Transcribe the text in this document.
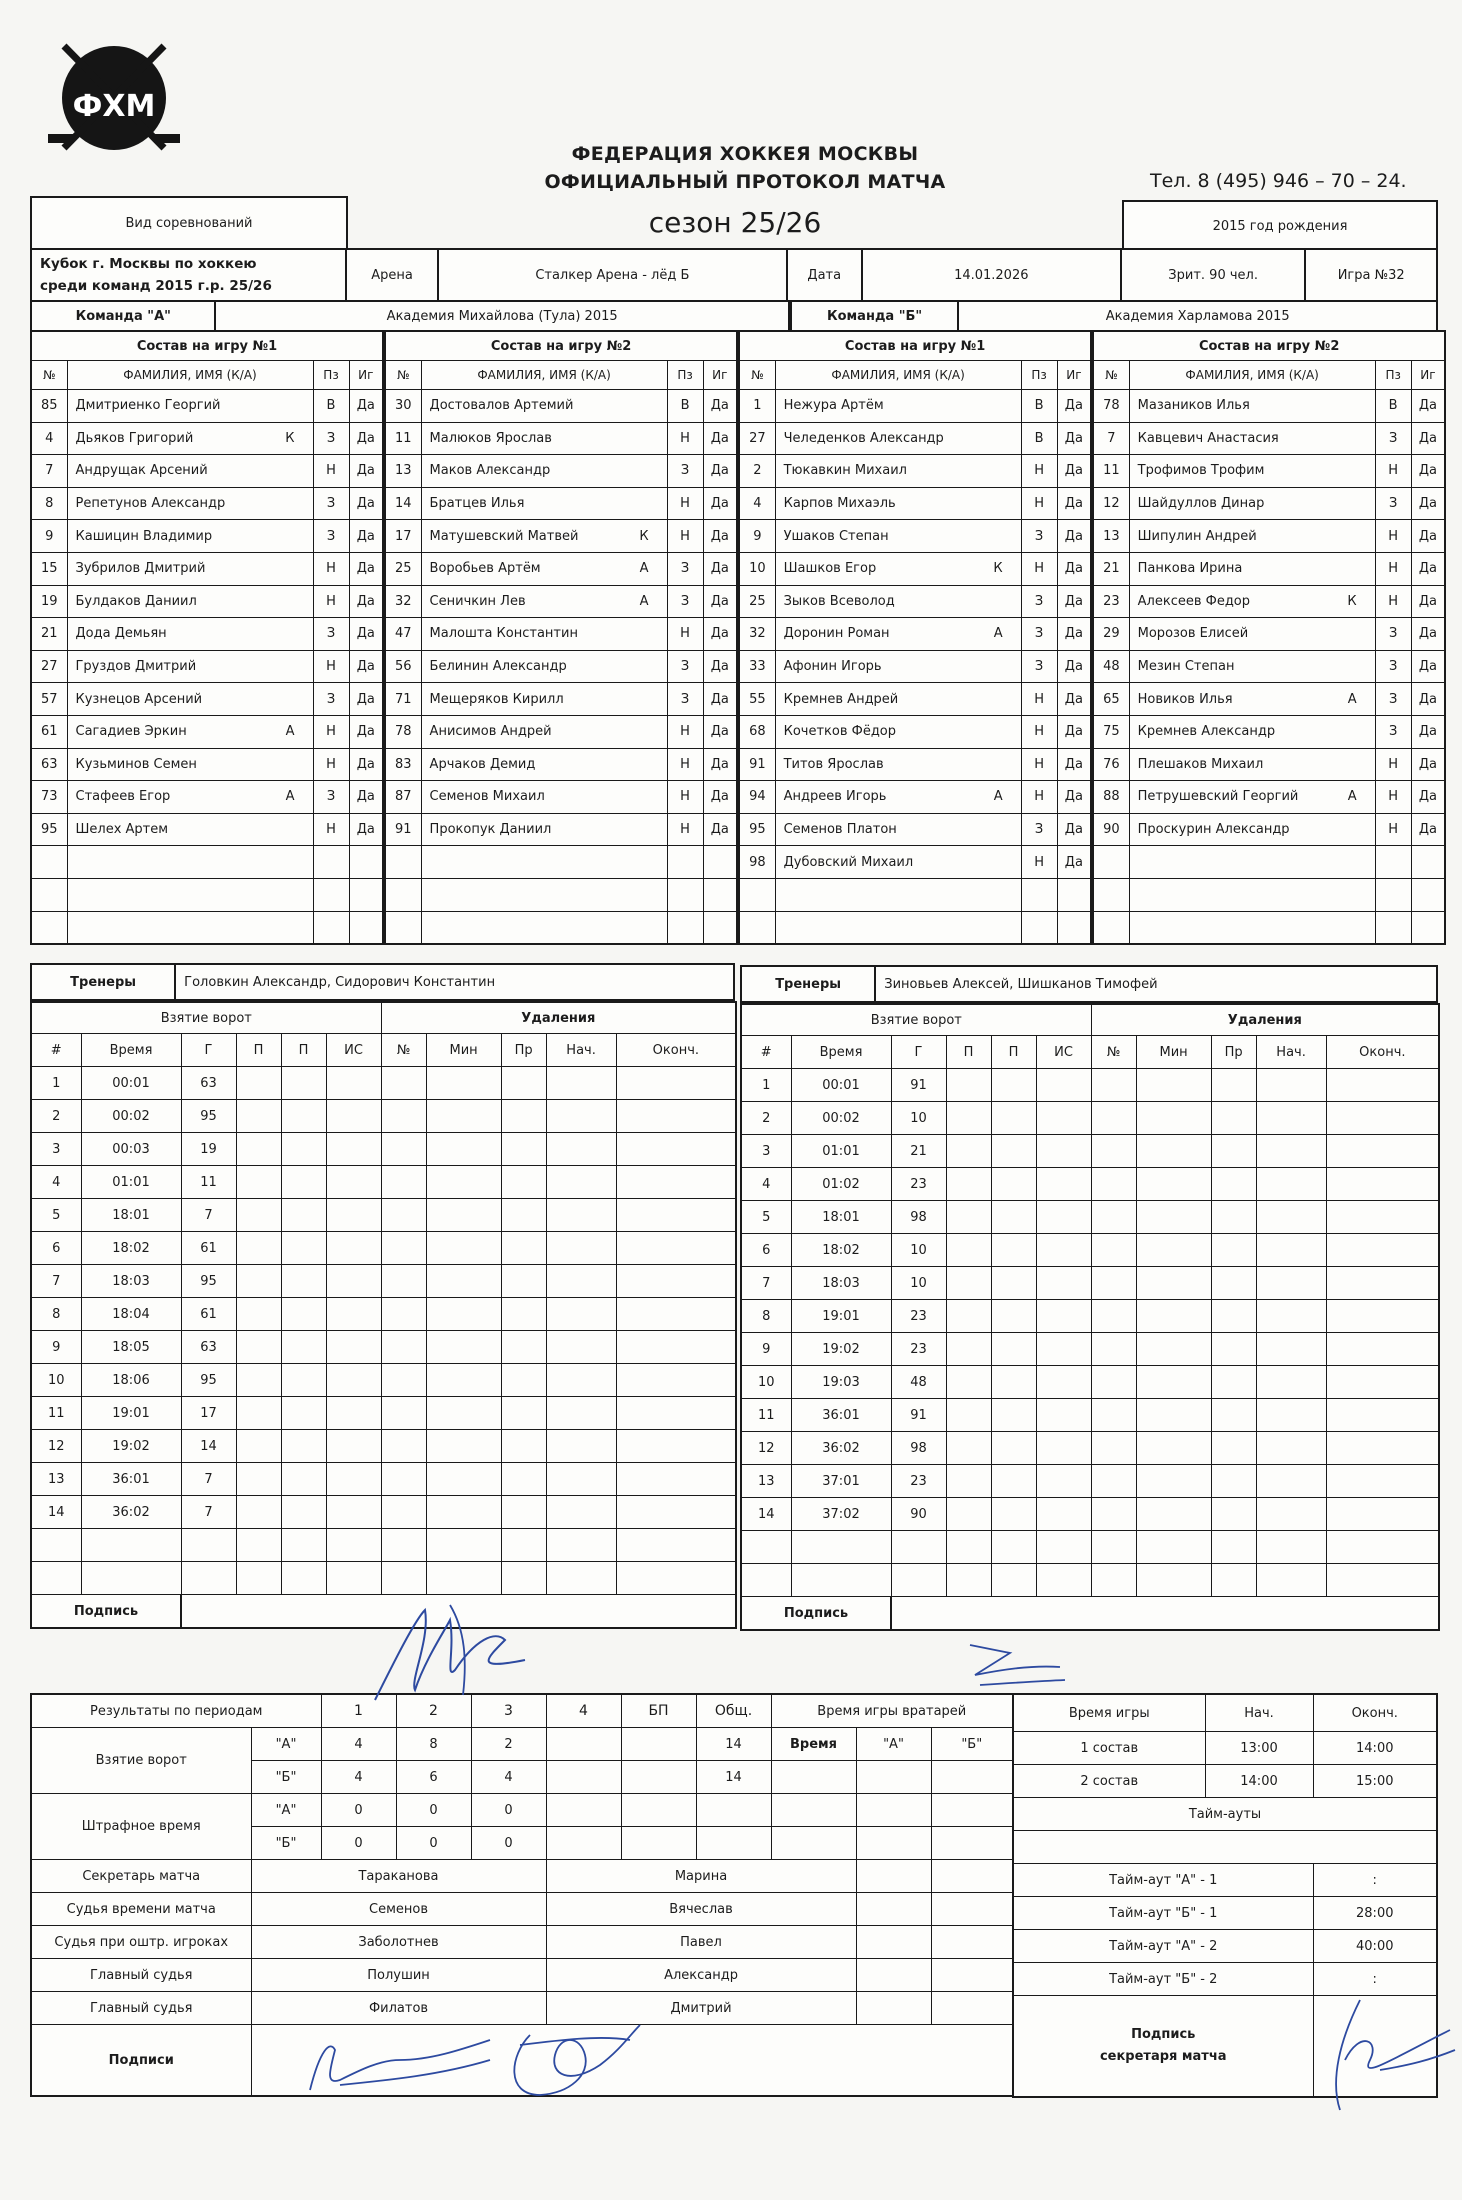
ФХМ
ФЕДЕРАЦИЯ ХОККЕЯ МОСКВЫ
ОФИЦИАЛЬНЫЙ ПРОТОКОЛ МАТЧА	Тел. 8 (495) 946 – 70 – 24.
Вид соревнований	сезон 25/26	2015 год рождения
Кубок г. Москвы по хоккею
среди команд 2015 г.р. 25/26
Арена	Сталкер Арена - лёд Б	Дата	14.01.2026	Зрит. 90 чел.	Игра №32
Команда "А"	Академия Михайлова (Тула) 2015	Команда "Б"	Академия Харламова 2015
Состав на игру №1			
№	ФАМИЛИЯ, ИМЯ (К/А)	Пз	Иг
85	Дмитриенко Георгий	В	Да
4	Дьяков Григорий К	З	Да
7	Андрущак Арсений	Н	Да
8	Репетунов Александр	З	Да
9	Кашицин Владимир	З	Да
15	Зубрилов Дмитрий	Н	Да
19	Булдаков Даниил	Н	Да
21	Дода Демьян	З	Да
27	Груздов Дмитрий	Н	Да
57	Кузнецов Арсений	З	Да
61	Сагадиев Эркин А	Н	Да
63	Кузьминов Семен	Н	Да
73	Стафеев Егор А	З	Да
95	Шелех Артем	Н	Да

Состав на игру №2			
№	ФАМИЛИЯ, ИМЯ (К/А)	Пз	Иг
30	Достовалов Артемий	В	Да
11	Малюков Ярослав	Н	Да
13	Маков Александр	З	Да
14	Братцев Илья	Н	Да
17	Матушевский Матвей К	Н	Да
25	Воробьев Артём А	З	Да
32	Сеничкин Лев А	З	Да
47	Малошта Константин	Н	Да
56	Белинин Александр	З	Да
71	Мещеряков Кирилл	З	Да
78	Анисимов Андрей	Н	Да
83	Арчаков Демид	Н	Да
87	Семенов Михаил	Н	Да
91	Прокопук Даниил	Н	Да

Состав на игру №1			
№	ФАМИЛИЯ, ИМЯ (К/А)	Пз	Иг
1	Нежура Артём	В	Да
27	Челеденков Александр	В	Да
2	Тюкавкин Михаил	Н	Да
4	Карпов Михаэль	Н	Да
9	Ушаков Степан	З	Да
10	Шашков Егор К	Н	Да
25	Зыков Всеволод	З	Да
32	Доронин Роман А	З	Да
33	Афонин Игорь	З	Да
55	Кремнев Андрей	Н	Да
68	Кочетков Фёдор	Н	Да
91	Титов Ярослав	Н	Да
94	Андреев Игорь А	Н	Да
95	Семенов Платон	З	Да
98	Дубовский Михаил	Н	Да

Состав на игру №2			
№	ФАМИЛИЯ, ИМЯ (К/А)	Пз	Иг
78	Мазаников Илья	В	Да
7	Кавцевич Анастасия	З	Да
11	Трофимов Трофим	Н	Да
12	Шайдуллов Динар	З	Да
13	Шипулин Андрей	Н	Да
21	Панкова Ирина	Н	Да
23	Алексеев Федор К	Н	Да
29	Морозов Елисей	З	Да
48	Мезин Степан	З	Да
65	Новиков Илья А	З	Да
75	Кремнев Александр	З	Да
76	Плешаков Михаил	Н	Да
88	Петрушевский Георгий А	Н	Да
90	Проскурин Александр	Н	Да

Тренеры	Головкин Александр, Сидорович Константин	Тренеры	Зиновьев Алексей, Шишканов Тимофей
Взятие ворот						Удаления				
#	Время	Г	П	П	ИС	№	Мин	Пр	Нач.	Оконч.
1	00:01	63								
2	00:02	95								
3	00:03	19								
4	01:01	11								
5	18:01	7								
6	18:02	61								
7	18:03	95								
8	18:04	61								
9	18:05	63								
10	18:06	95								
11	19:01	17								
12	19:02	14								
13	36:01	7								
14	36:02	7								

Подпись										
Взятие ворот						Удаления				
#	Время	Г	П	П	ИС	№	Мин	Пр	Нач.	Оконч.
1	00:01	91								
2	00:02	10								
3	01:01	21								
4	01:02	23								
5	18:01	98								
6	18:02	10								
7	18:03	10								
8	19:01	23								
9	19:02	23								
10	19:03	48								
11	36:01	91								
12	36:02	98								
13	37:01	23								
14	37:02	90								

Подпись										
Результаты по периодам		1	2	3	4	БП	Общ.	Время игры вратарей		
Взятие ворот	"А"	4	8	2			14	Время	"А"	"Б"
	"Б"	4	6	4			14			
Штрафное время	"А"	0	0	0						
	"Б"	0	0	0						
Секретарь матча	Тараканова				Марина					
Судья времени матча	Семенов				Вячеслав					
Судья при оштр. игроках	Заболотнев				Павел					
Главный судья	Полушин				Александр					
Главный судья	Филатов				Дмитрий					
Подписи										
Время игры	Нач.	Оконч.
1 состав	13:00	14:00
2 состав	14:00	15:00
Тайм-ауты		

Тайм-аут "А" - 1		:
Тайм-аут "Б" - 1		28:00
Тайм-аут "А" - 2		40:00
Тайм-аут "Б" - 2		:

Подпись
секретаря матча		
